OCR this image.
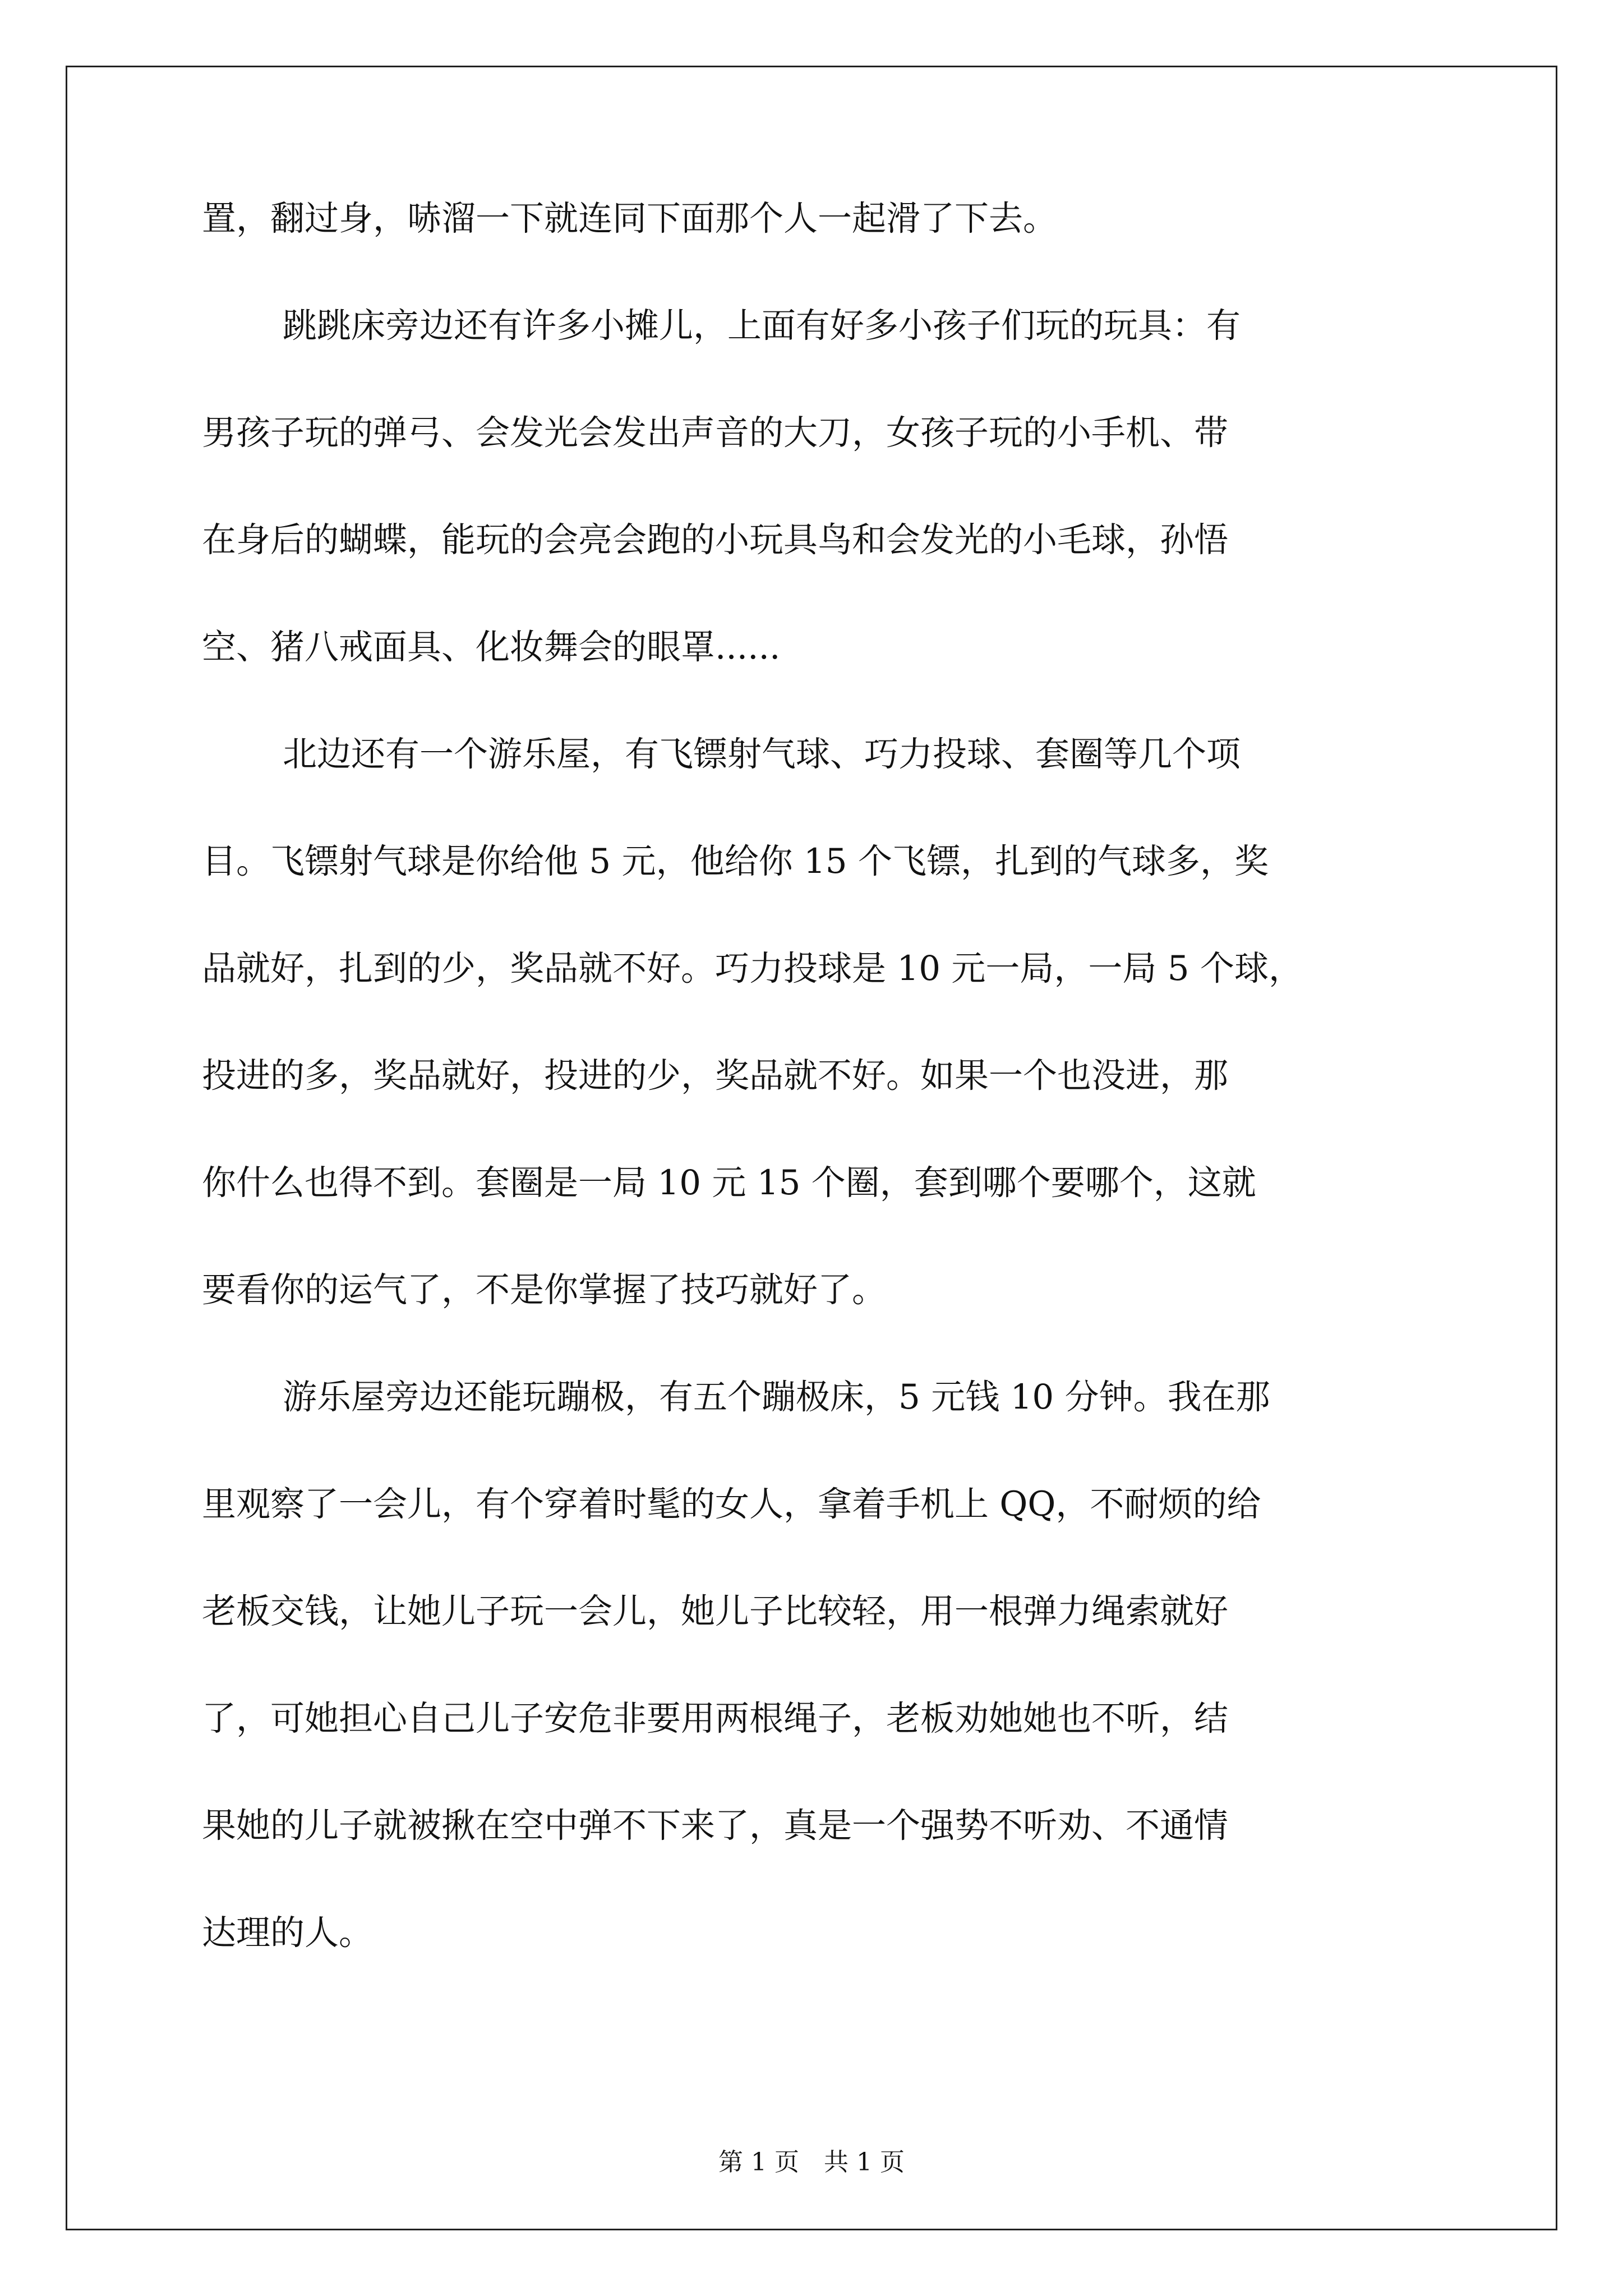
置，翻过身，哧溜一下就连同下面那个人一起滑了下去。
跳跳床旁边还有许多小摊儿，上面有好多小孩子们玩的玩具：有
男孩子玩的弹弓、会发光会发出声音的大刀，女孩子玩的小手机、带
在身后的蝴蝶，能玩的会亮会跑的小玩具鸟和会发光的小毛球，孙悟
空、猪八戒面具、化妆舞会的眼罩......
北边还有一个游乐屋，有飞镖射气球、巧力投球、套圈等几个项
目。飞镖射气球是你给他 5 元，他给你 15 个飞镖，扎到的气球多，奖
品就好，扎到的少，奖品就不好。巧力投球是 10 元一局，一局 5 个球，
投进的多，奖品就好，投进的少，奖品就不好。如果一个也没进，那
你什么也得不到。套圈是一局 10 元 15 个圈，套到哪个要哪个，这就
要看你的运气了，不是你掌握了技巧就好了。
游乐屋旁边还能玩蹦极，有五个蹦极床，5 元钱 10 分钟。我在那
里观察了一会儿，有个穿着时髦的女人，拿着手机上 QQ，不耐烦的给
老板交钱，让她儿子玩一会儿，她儿子比较轻，用一根弹力绳索就好
了，可她担心自己儿子安危非要用两根绳子，老板劝她她也不听，结
果她的儿子就被揪在空中弹不下来了，真是一个强势不听劝、不通情
达理的人。
第 1 页 共 1 页
